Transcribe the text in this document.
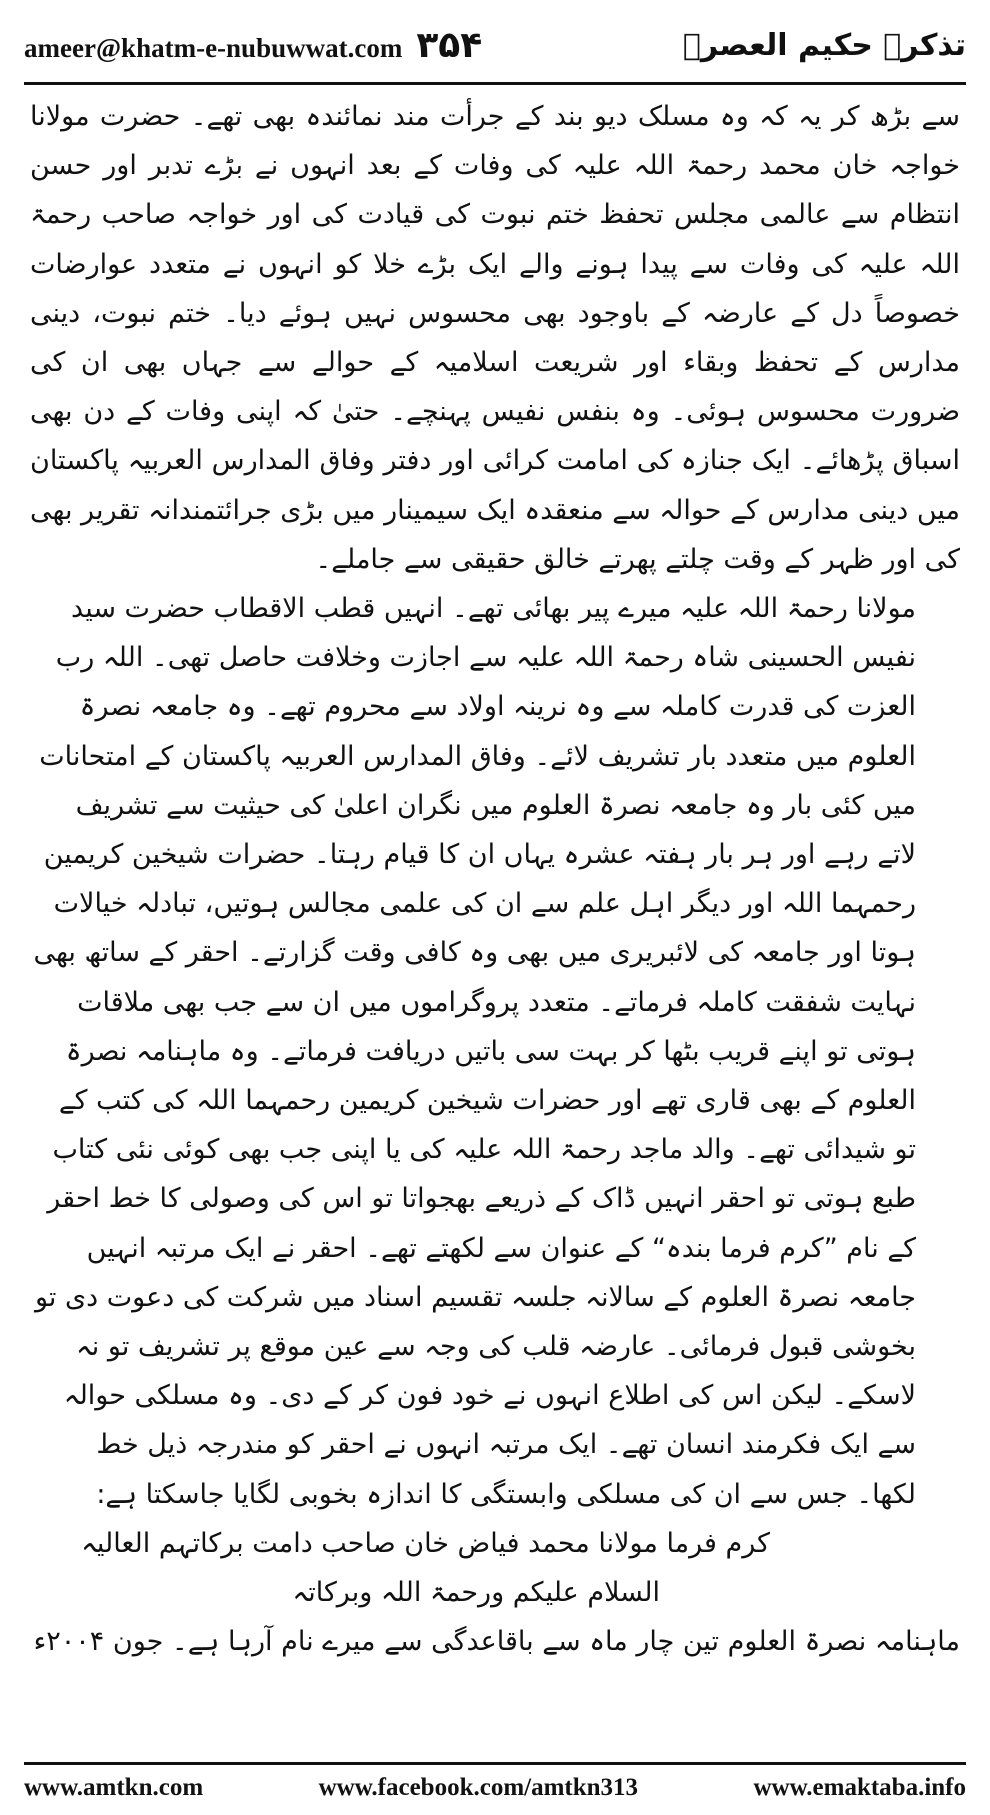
ameer@khatm-e-nubuwwat.com ۳۵۴	تذکرہ حکیم العصرؒ

سے بڑھ کر یہ کہ وہ مسلک دیو بند کے جرأت مند نمائندہ بھی تھے۔ حضرت مولانا خواجہ خان محمد رحمۃ اللہ علیہ کی وفات کے بعد انہوں نے بڑے تدبر اور حسن انتظام سے عالمی مجلس تحفظ ختم نبوت کی قیادت کی اور خواجہ صاحب رحمۃ اللہ علیہ کی وفات سے پیدا ہونے والے ایک بڑے خلا کو انہوں نے متعدد عوارضات خصوصاً دل کے عارضہ کے باوجود بھی محسوس نہیں ہوئے دیا۔ ختم نبوت، دینی مدارس کے تحفظ وبقاء اور شریعت اسلامیہ کے حوالے سے جہاں بھی ان کی ضرورت محسوس ہوئی۔ وہ بنفس نفیس پہنچے۔ حتیٰ کہ اپنی وفات کے دن بھی اسباق پڑھائے۔ ایک جنازہ کی امامت کرائی اور دفتر وفاق المدارس العربیہ پاکستان میں دینی مدارس کے حوالہ سے منعقدہ ایک سیمینار میں بڑی جرائتمندانہ تقریر بھی کی اور ظہر کے وقت چلتے پھرتے خالق حقیقی سے جاملے۔

مولانا رحمۃ اللہ علیہ میرے پیر بھائی تھے۔ انہیں قطب الاقطاب حضرت سید نفیس الحسینی شاہ رحمۃ اللہ علیہ سے اجازت وخلافت حاصل تھی۔ اللہ رب العزت کی قدرت کاملہ سے وہ نرینہ اولاد سے محروم تھے۔ وہ جامعہ نصرۃ العلوم میں متعدد بار تشریف لائے۔ وفاق المدارس العربیہ پاکستان کے امتحانات میں کئی بار وہ جامعہ نصرۃ العلوم میں نگران اعلیٰ کی حیثیت سے تشریف لاتے رہے اور ہر بار ہفتہ عشرہ یہاں ان کا قیام رہتا۔ حضرات شیخین کریمین رحمہما اللہ اور دیگر اہل علم سے ان کی علمی مجالس ہوتیں، تبادلہ خیالات ہوتا اور جامعہ کی لائبریری میں بھی وہ کافی وقت گزارتے۔ احقر کے ساتھ بھی نہایت شفقت کاملہ فرماتے۔ متعدد پروگراموں میں ان سے جب بھی ملاقات ہوتی تو اپنے قریب بٹھا کر بہت سی باتیں دریافت فرماتے۔ وہ ماہنامہ نصرۃ العلوم کے بھی قاری تھے اور حضرات شیخین کریمین رحمہما اللہ کی کتب کے تو شیدائی تھے۔ والد ماجد رحمۃ اللہ علیہ کی یا اپنی جب بھی کوئی نئی کتاب طبع ہوتی تو احقر انہیں ڈاک کے ذریعے بھجواتا تو اس کی وصولی کا خط احقر کے نام ”کرم فرما بندہ“ کے عنوان سے لکھتے تھے۔ احقر نے ایک مرتبہ انہیں جامعہ نصرۃ العلوم کے سالانہ جلسہ تقسیم اسناد میں شرکت کی دعوت دی تو بخوشی قبول فرمائی۔ عارضہ قلب کی وجہ سے عین موقع پر تشریف تو نہ لاسکے۔ لیکن اس کی اطلاع انہوں نے خود فون کر کے دی۔ وہ مسلکی حوالہ سے ایک فکرمند انسان تھے۔ ایک مرتبہ انہوں نے احقر کو مندرجہ ذیل خط لکھا۔ جس سے ان کی مسلکی وابستگی کا اندازہ بخوبی لگایا جاسکتا ہے:

کرم فرما مولانا محمد فیاض خان صاحب دامت برکاتہم العالیہ

السلام علیکم ورحمۃ اللہ وبرکاتہ

ماہنامہ نصرۃ العلوم تین چار ماہ سے باقاعدگی سے میرے نام آرہا ہے۔ جون ۲۰۰۴ء

www.amtkn.com	www.facebook.com/amtkn313	www.emaktaba.info
